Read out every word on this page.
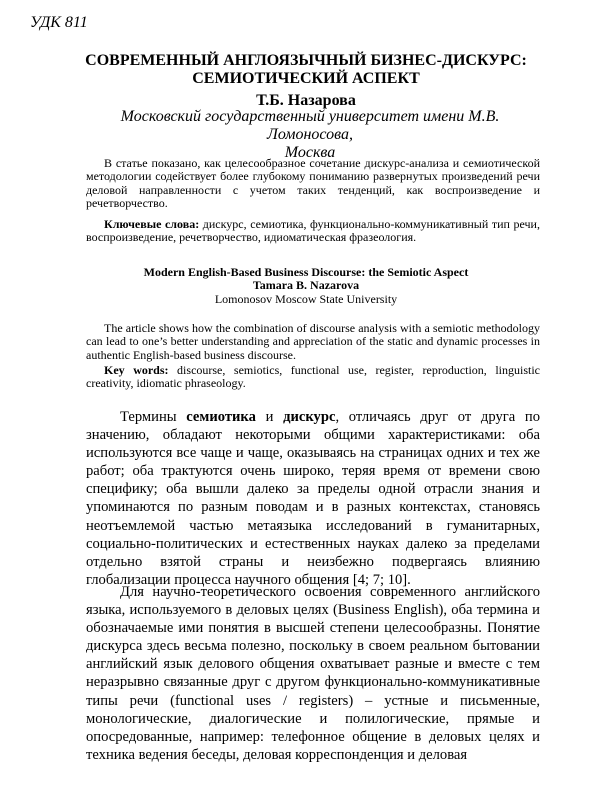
УДК 811
СОВРЕМЕННЫЙ АНГЛОЯЗЫЧНЫЙ БИЗНЕС-ДИСКУРС:
СЕМИОТИЧЕСКИЙ АСПЕКТ
Т.Б. Назарова
Московский государственный университет имени М.В. Ломоносова,
Москва
В статье показано, как целесообразное сочетание дискурс-анализа и семиотической методологии содействует более глубокому пониманию развернутых произведений речи деловой направленности с учетом таких тенденций, как воспроизведение и речетворчество.
Ключевые слова: дискурс, семиотика, функционально-коммуникативный тип речи, воспроизведение, речетворчество, идиоматическая фразеология.
Modern English-Based Business Discourse: the Semiotic Aspect
Tamara B. Nazarova
Lomonosov Moscow State University
The article shows how the combination of discourse analysis with a semiotic methodology can lead to one’s better understanding and appreciation of the static and dynamic processes in authentic English-based business discourse.
Key words: discourse, semiotics, functional use, register, reproduction, linguistic creativity, idiomatic phraseology.
Термины семиотика и дискурс, отличаясь друг от друга по значению, обладают некоторыми общими характеристиками: оба используются все чаще и чаще, оказываясь на страницах одних и тех же работ; оба трактуются очень широко, теряя время от времени свою специфику; оба вышли далеко за пределы одной отрасли знания и упоминаются по разным поводам и в разных контекстах, становясь неотъемлемой частью метаязыка исследований в гуманитарных, социально-политических и естественных науках далеко за пределами отдельно взятой страны и неизбежно подвергаясь влиянию глобализации процесса научного общения [4; 7; 10].
Для научно-теоретического освоения современного английского языка, используемого в деловых целях (Business English), оба термина и обозначаемые ими понятия в высшей степени целесообразны. Понятие дискурса здесь весьма полезно, поскольку в своем реальном бытовании английский язык делового общения охватывает разные и вместе с тем неразрывно связанные друг с другом функционально-коммуникативные типы речи (functional uses / registers) – устные и письменные, монологические, диалогические и полилогические, прямые и опосредованные, например: телефонное общение в деловых целях и техника ведения беседы, деловая корреспонденция и деловая
